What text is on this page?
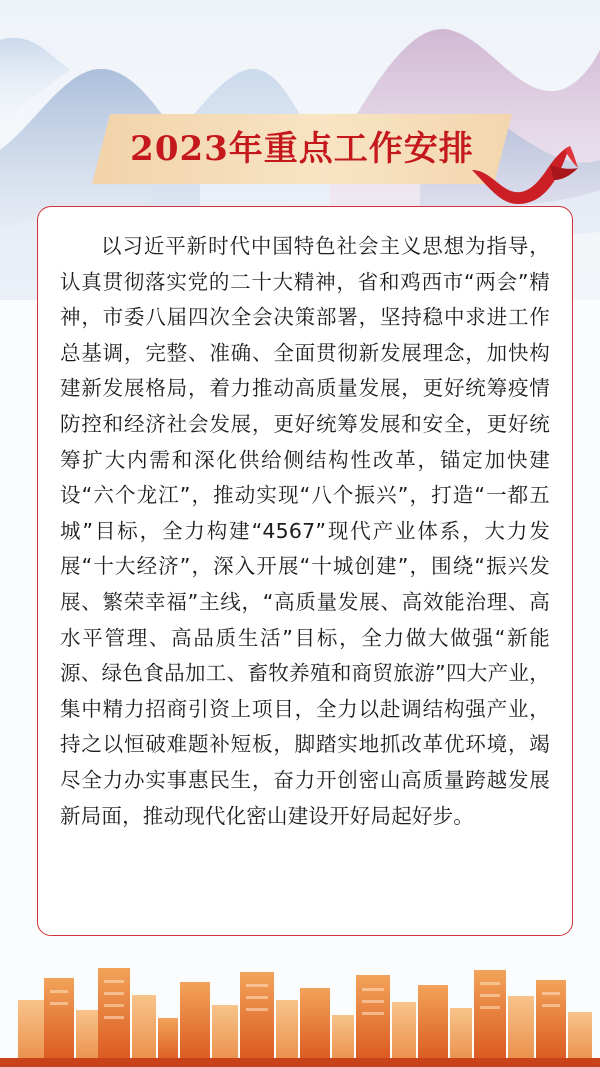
2023年重点工作安排

以习近平新时代中国特色社会主义思想为指导，认真贯彻落实党的二十大精神，省和鸡西市“两会”精神，市委八届四次全会决策部署，坚持稳中求进工作总基调，完整、准确、全面贯彻新发展理念，加快构建新发展格局，着力推动高质量发展，更好统筹疫情防控和经济社会发展，更好统筹发展和安全，更好统筹扩大内需和深化供给侧结构性改革，锚定加快建设“六个龙江”，推动实现“八个振兴”，打造“一都五城”目标，全力构建“4567”现代产业体系，大力发展“十大经济”，深入开展“十城创建”，围绕“振兴发展、繁荣幸福”主线，“高质量发展、高效能治理、高水平管理、高品质生活”目标，全力做大做强“新能源、绿色食品加工、畜牧养殖和商贸旅游”四大产业，集中精力招商引资上项目，全力以赴调结构强产业，持之以恒破难题补短板，脚踏实地抓改革优环境，竭尽全力办实事惠民生，奋力开创密山高质量跨越发展新局面，推动现代化密山建设开好局起好步。
